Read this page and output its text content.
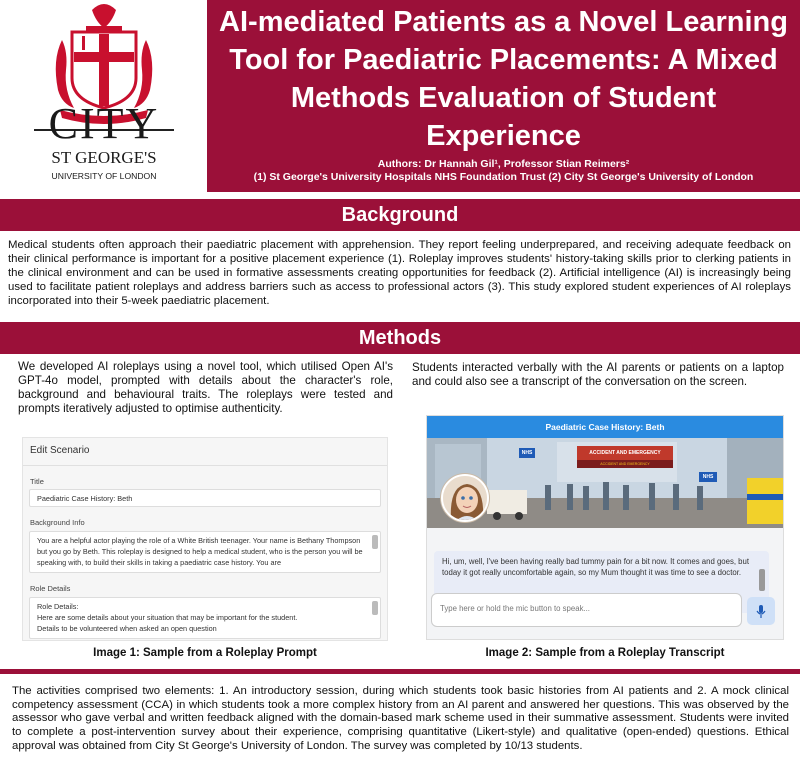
CITY
ST GEORGE'S
UNIVERSITY OF LONDON
AI-mediated Patients as a Novel Learning Tool for Paediatric Placements: A Mixed Methods Evaluation of Student Experience
Authors: Dr Hannah Gil¹, Professor Stian Reimers²
(1) St George's University Hospitals NHS Foundation Trust (2) City St George's University of London
Background
Medical students often approach their paediatric placement with apprehension. They report feeling underprepared, and receiving adequate feedback on their clinical performance is important for a positive placement experience (1). Roleplay improves students' history-taking skills prior to clerking patients in the clinical environment and can be used in formative assessments creating opportunities for feedback (2). Artificial intelligence (AI) is increasingly being used to facilitate patient roleplays and address barriers such as access to professional actors (3). This study explored student experiences of AI roleplays incorporated into their 5-week paediatric placement.
Methods
We developed AI roleplays using a novel tool, which utilised Open AI's GPT-4o model, prompted with details about the character's role, background and behavioural traits. The roleplays were tested and prompts iteratively adjusted to optimise authenticity.
Students interacted verbally with the AI parents or patients on a laptop and could also see a transcript of the conversation on the screen.
Edit Scenario
Title
Paediatric Case History: Beth
Background Info
You are a helpful actor playing the role of a White British teenager. Your name is Bethany Thompson but you go by Beth. This roleplay is designed to help a medical student, who is the person you will be speaking with, to build their skills in taking a paediatric case history. You are
Role Details
Role Details:
Here are some details about your situation that may be important for the student.
Details to be volunteered when asked an open question
Paediatric Case History: Beth
ACCIDENT AND EMERGENCY
ACCIDENT AND EMERGENCY
NHS
NHS
Hi, um, well, I've been having really bad tummy pain for a bit now. It comes and goes, but today it got really uncomfortable again, so my Mum thought it was time to see a doctor.
Type here or hold the mic button to speak...
Image 1: Sample from a Roleplay Prompt	Image 2: Sample from a Roleplay Transcript
The activities comprised two elements: 1. An introductory session, during which students took basic histories from AI patients and 2. A mock clinical competency assessment (CCA) in which students took a more complex history from an AI parent and answered her questions. This was observed by the assessor who gave verbal and written feedback aligned with the domain-based mark scheme used in their summative assessment. Students were invited to complete a post-intervention survey about their experience, comprising quantitative (Likert-style) and qualitative (open-ended) questions. Ethical approval was obtained from City St George's University of London. The survey was completed by 10/13 students.
